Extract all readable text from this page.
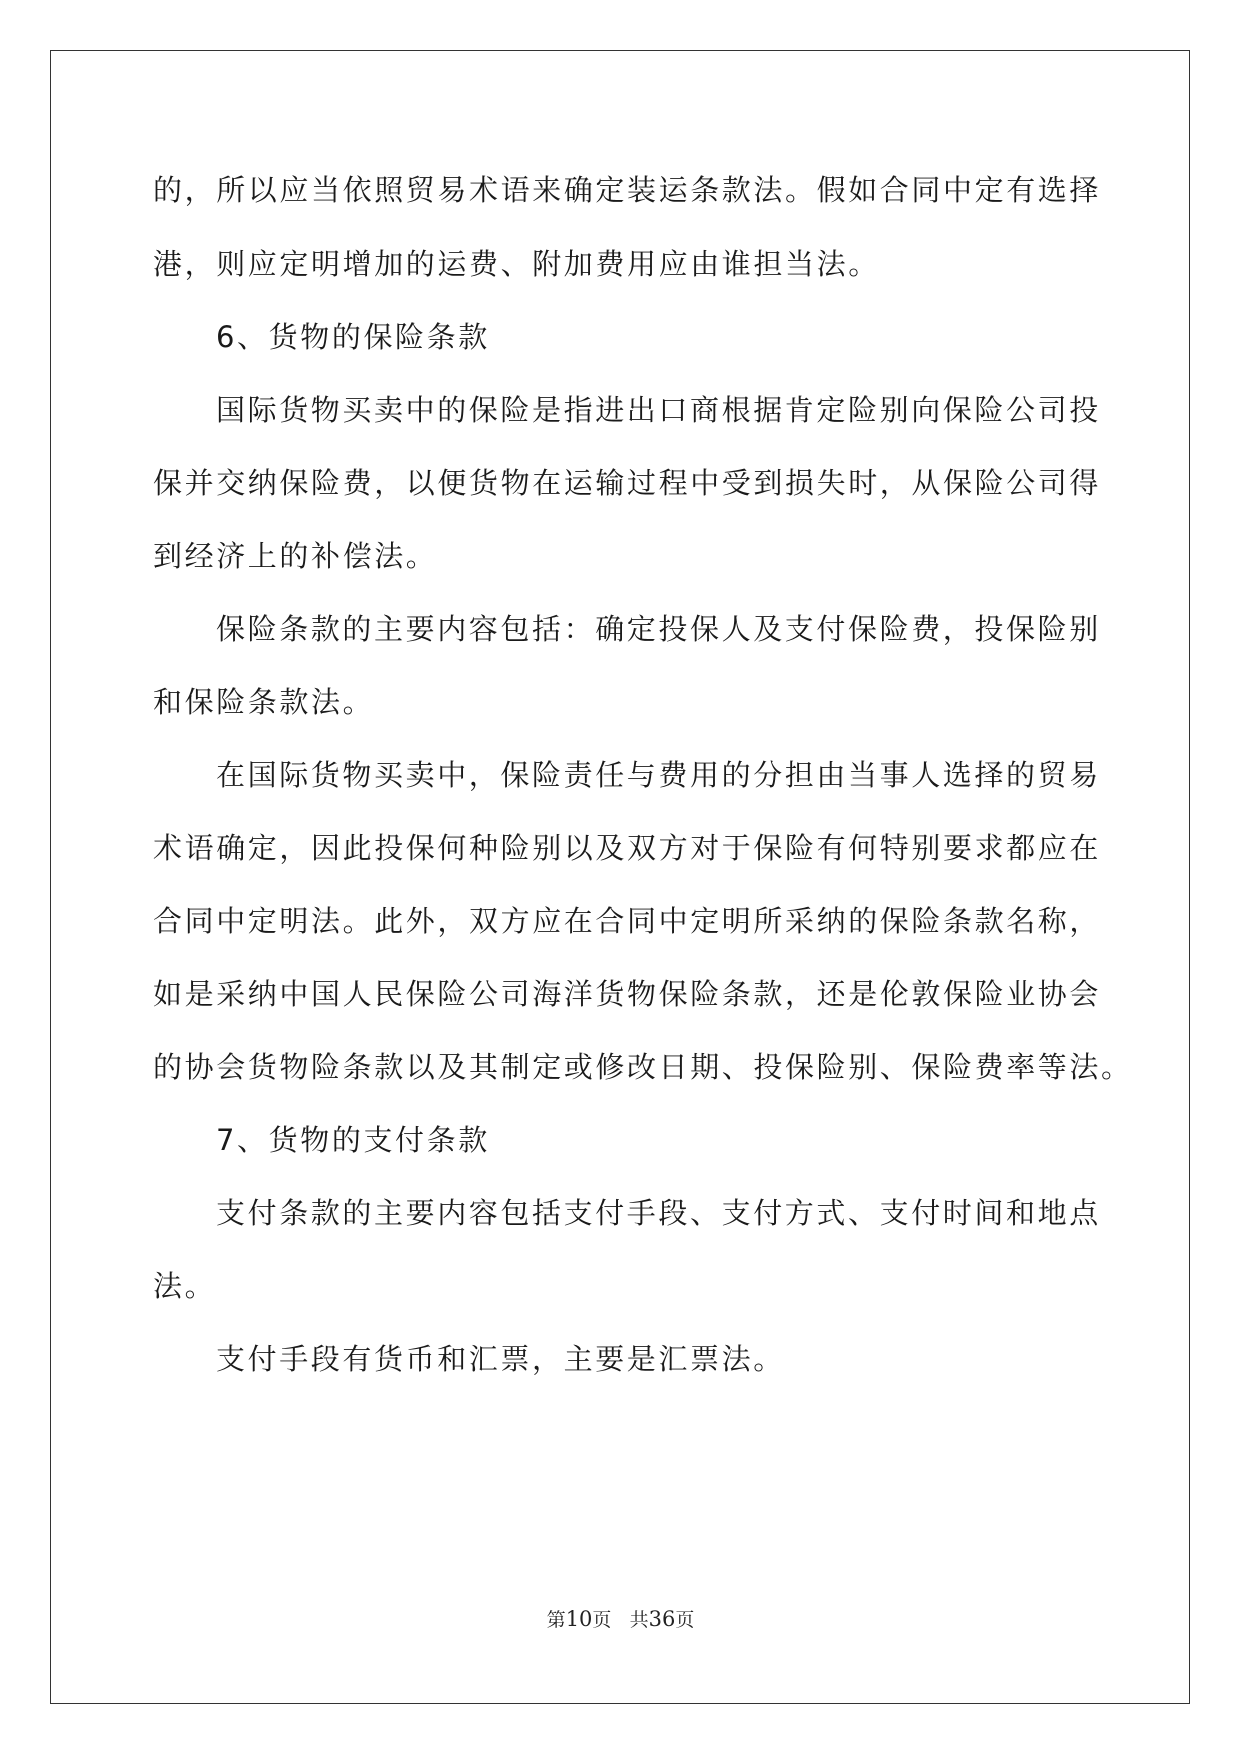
的，所以应当依照贸易术语来确定装运条款法。假如合同中定有选择
港，则应定明增加的运费、附加费用应由谁担当法。
6、货物的保险条款
国际货物买卖中的保险是指进出口商根据肯定险别向保险公司投
保并交纳保险费，以便货物在运输过程中受到损失时，从保险公司得
到经济上的补偿法。
保险条款的主要内容包括：确定投保人及支付保险费，投保险别
和保险条款法。
在国际货物买卖中，保险责任与费用的分担由当事人选择的贸易
术语确定，因此投保何种险别以及双方对于保险有何特别要求都应在
合同中定明法。此外，双方应在合同中定明所采纳的保险条款名称，
如是采纳中国人民保险公司海洋货物保险条款，还是伦敦保险业协会
的协会货物险条款以及其制定或修改日期、投保险别、保险费率等法。
7、货物的支付条款
支付条款的主要内容包括支付手段、支付方式、支付时间和地点
法。
支付手段有货币和汇票，主要是汇票法。
第10页 共36页
